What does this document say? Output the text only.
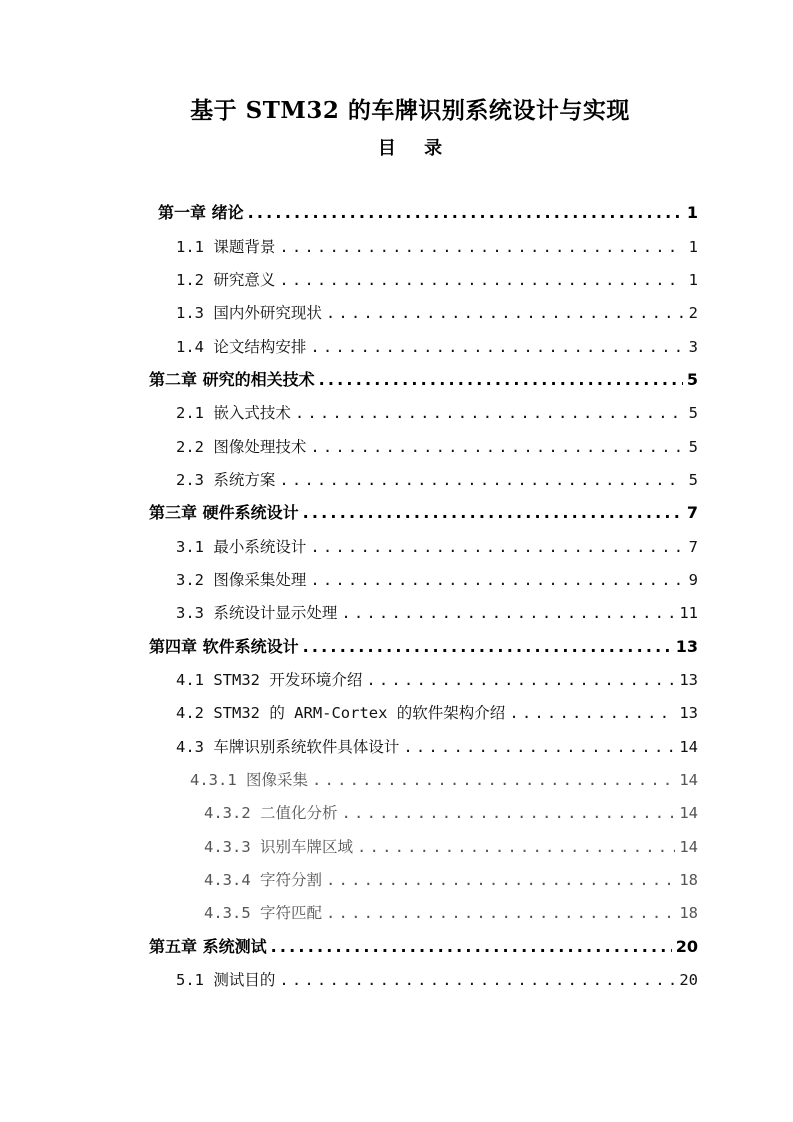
基于 STM32 的车牌识别系统设计与实现
目 录
第一章 绪论 .....	1
1.1 课题背景 .....	1
1.2 研究意义 .....	1
1.3 国内外研究现状 .....	2
1.4 论文结构安排 .....	3
第二章 研究的相关技术 .....	5
2.1 嵌入式技术 .....	5
2.2 图像处理技术 .....	5
2.3 系统方案 .....	5
第三章 硬件系统设计 .....	7
3.1 最小系统设计 .....	7
3.2 图像采集处理 .....	9
3.3 系统设计显示处理 .....	11
第四章 软件系统设计 .....	13
4.1 STM32 开发环境介绍 .....	13
4.2 STM32 的 ARM-Cortex 的软件架构介绍 .....	13
4.3 车牌识别系统软件具体设计 .....	14
4.3.1 图像采集 .....	14
4.3.2 二值化分析 .....	14
4.3.3 识别车牌区域 .....	14
4.3.4 字符分割 .....	18
4.3.5 字符匹配 .....	18
第五章 系统测试 .....	20
5.1 测试目的 .....	20
